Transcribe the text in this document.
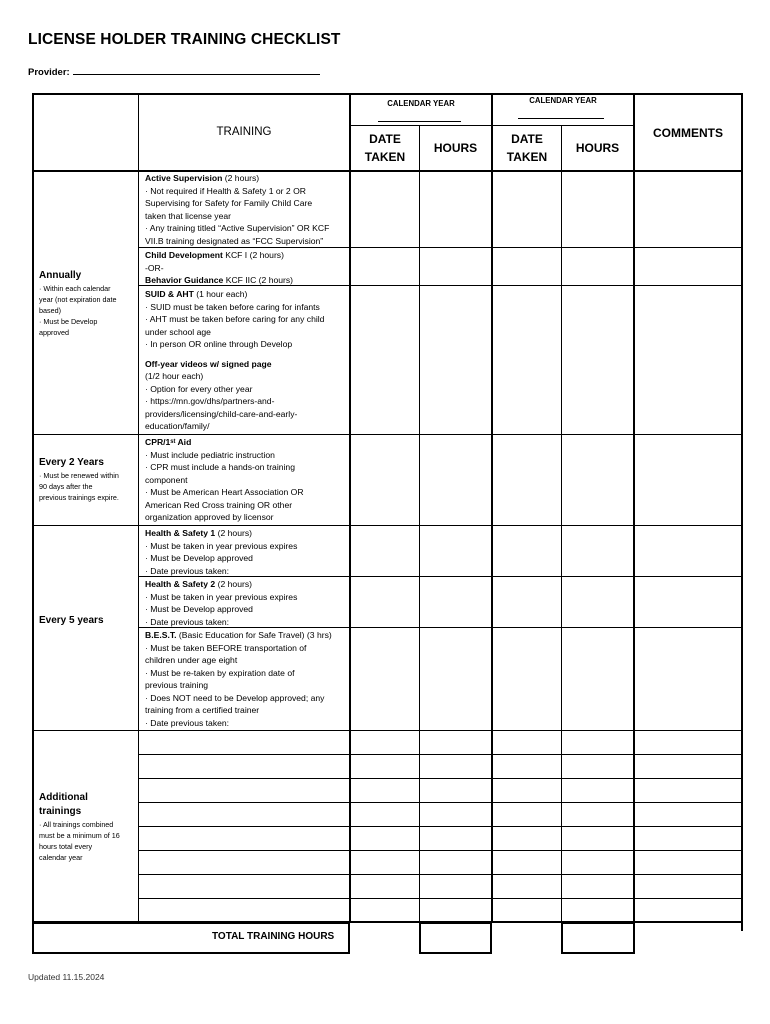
LICENSE HOLDER TRAINING CHECKLIST
Provider:
TRAINING
CALENDAR YEAR	CALENDAR YEAR
DATE
TAKEN
HOURS
DATE
TAKEN
HOURS
COMMENTS
Annually
· Within each calendar
year (not expiration date
based)
· Must be Develop
approved
Every 2 Years
· Must be renewed within
90 days after the
previous trainings expire.
Every 5 years
Additional
trainings
· All trainings combined
must be a minimum of 16
hours total every
calendar year
Active Supervision (2 hours)
· Not required if Health & Safety 1 or 2 OR
Supervising for Safety for Family Child Care
taken that license year
· Any training titled “Active Supervision” OR KCF
VII.B training designated as “FCC Supervision”
Child Development KCF I (2 hours)
-OR-
Behavior Guidance KCF IIC (2 hours)
SUID & AHT (1 hour each)
· SUID must be taken before caring for infants
· AHT must be taken before caring for any child
under school age
· In person OR online through Develop
Off-year videos w/ signed page
(1/2 hour each)
· Option for every other year
· https://mn.gov/dhs/partners-and-
providers/licensing/child-care-and-early-
education/family/
CPR/1ˢᵗ Aid
· Must include pediatric instruction
· CPR must include a hands-on training
component
· Must be American Heart Association OR
American Red Cross training OR other
organization approved by licensor
Health & Safety 1 (2 hours)
· Must be taken in year previous expires
· Must be Develop approved
· Date previous taken:
Health & Safety 2 (2 hours)
· Must be taken in year previous expires
· Must be Develop approved
· Date previous taken:
B.E.S.T. (Basic Education for Safe Travel) (3 hrs)
· Must be taken BEFORE transportation of
children under age eight
· Must be re-taken by expiration date of
previous training
· Does NOT need to be Develop approved; any
training from a certified trainer
· Date previous taken:
TOTAL TRAINING HOURS
Updated 11.15.2024
